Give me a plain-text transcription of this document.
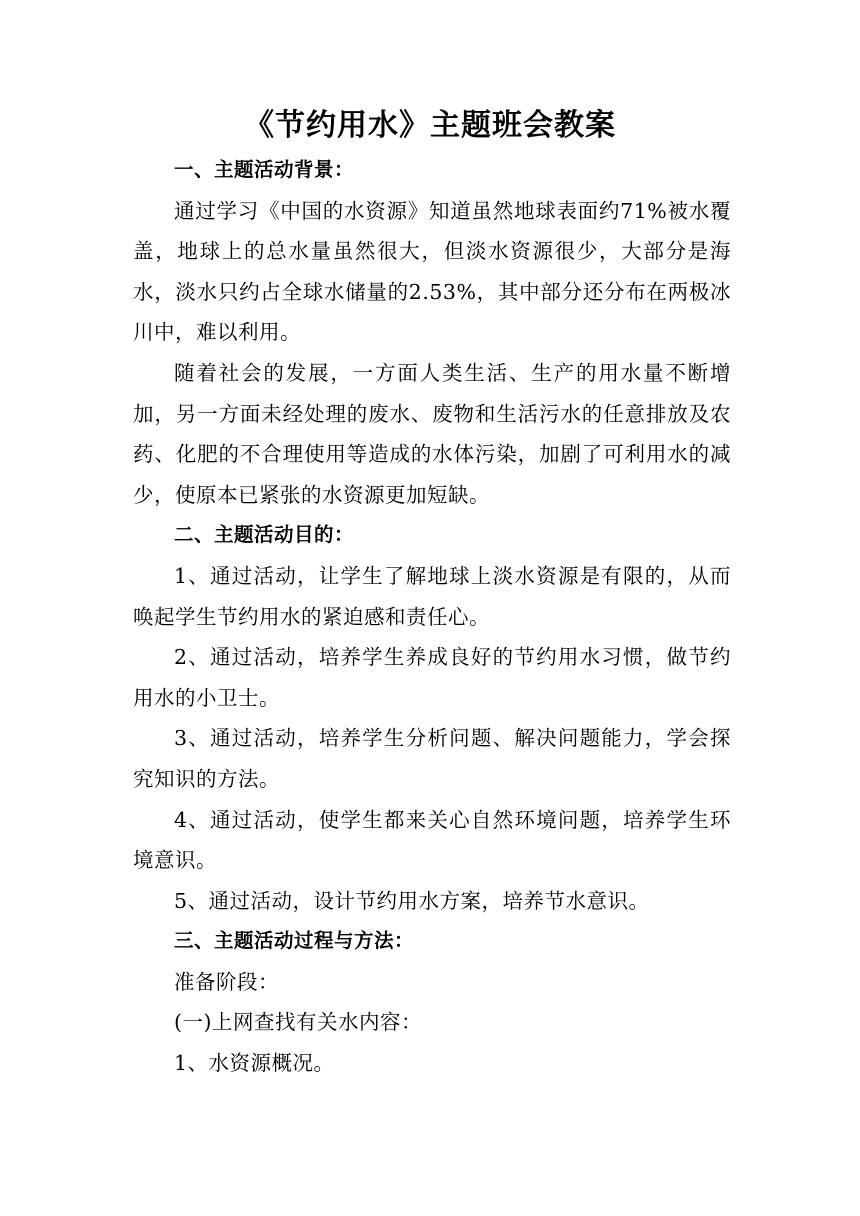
《节约用水》主题班会教案

一、主题活动背景：

通过学习《中国的水资源》知道虽然地球表面约71%被水覆盖，地球上的总水量虽然很大，但淡水资源很少，大部分是海水，淡水只约占全球水储量的2.53%，其中部分还分布在两极冰川中，难以利用。

随着社会的发展，一方面人类生活、生产的用水量不断增加，另一方面未经处理的废水、废物和生活污水的任意排放及农药、化肥的不合理使用等造成的水体污染，加剧了可利用水的减少，使原本已紧张的水资源更加短缺。

二、主题活动目的：

1、通过活动，让学生了解地球上淡水资源是有限的，从而唤起学生节约用水的紧迫感和责任心。

2、通过活动，培养学生养成良好的节约用水习惯，做节约用水的小卫士。

3、通过活动，培养学生分析问题、解决问题能力，学会探究知识的方法。

4、通过活动，使学生都来关心自然环境问题，培养学生环境意识。

5、通过活动，设计节约用水方案，培养节水意识。

三、主题活动过程与方法：

准备阶段：

(一)上网查找有关水内容：

1、水资源概况。
